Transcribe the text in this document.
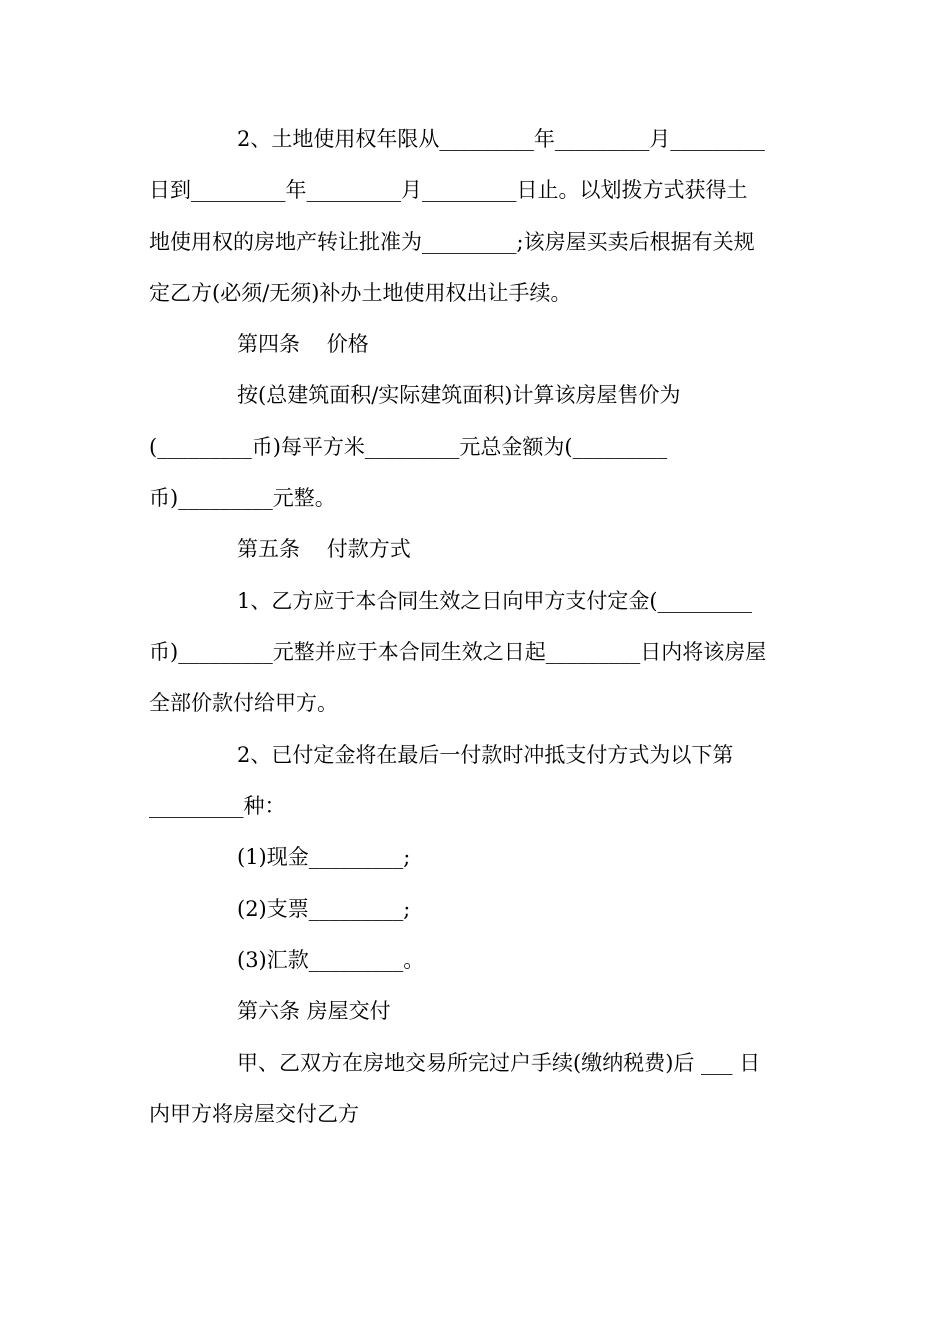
2、土地使用权年限从_________年_________月_________
日到_________年_________月_________日止。以划拨方式获得土
地使用权的房地产转让批准为_________;该房屋买卖后根据有关规
定乙方(必须/无须)补办土地使用权出让手续。
第四条    价格
按(总建筑面积/实际建筑面积)计算该房屋售价为
(_________币)每平方米_________元总金额为(_________
币)_________元整。
第五条    付款方式
1、乙方应于本合同生效之日向甲方支付定金(_________
币)_________元整并应于本合同生效之日起_________日内将该房屋
全部价款付给甲方。
2、已付定金将在最后一付款时冲抵支付方式为以下第
_________种：
(1)现金_________;
(2)支票_________;
(3)汇款_________。
第六条 房屋交付
甲、乙双方在房地交易所完过户手续(缴纳税费)后 ___ 日
内甲方将房屋交付乙方
